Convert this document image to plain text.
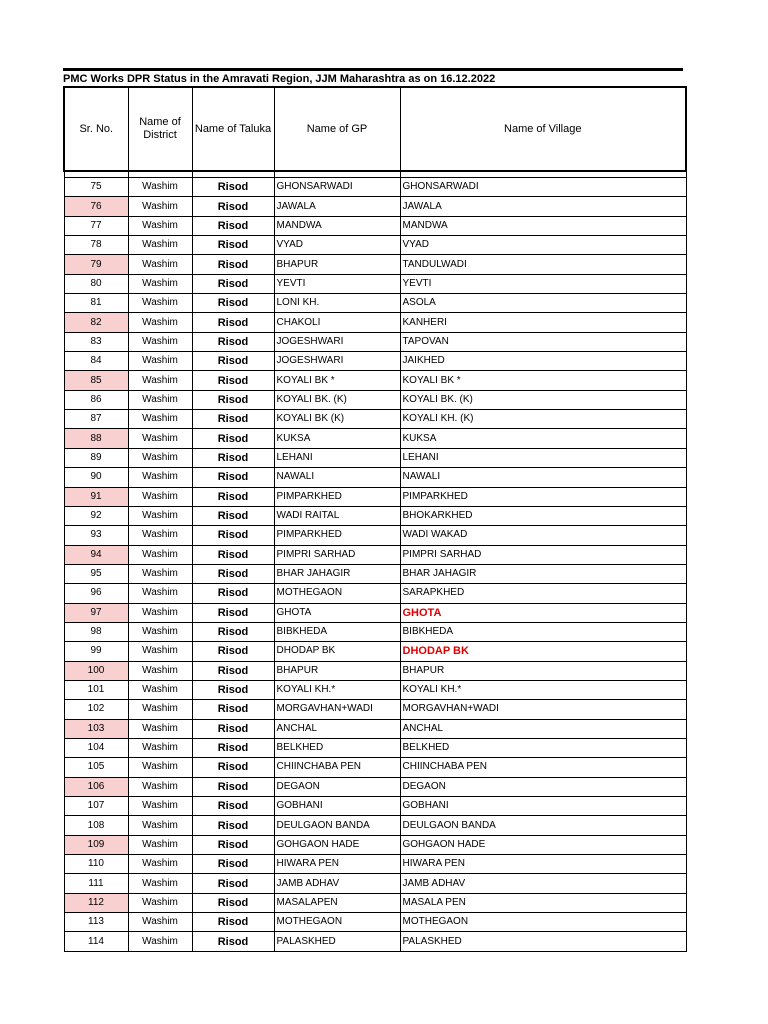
PMC Works DPR Status in the Amravati Region, JJM Maharashtra as on 16.12.2022
Sr. No.	Name of District	Name of Taluka	Name of GP	Name of Village

75	Washim	Risod	GHONSARWADI	GHONSARWADI
76	Washim	Risod	JAWALA	JAWALA
77	Washim	Risod	MANDWA	MANDWA
78	Washim	Risod	VYAD	VYAD
79	Washim	Risod	BHAPUR	TANDULWADI
80	Washim	Risod	YEVTI	YEVTI
81	Washim	Risod	LONI KH.	ASOLA
82	Washim	Risod	CHAKOLI	KANHERI
83	Washim	Risod	JOGESHWARI	TAPOVAN
84	Washim	Risod	JOGESHWARI	JAIKHED
85	Washim	Risod	KOYALI BK *	KOYALI BK *
86	Washim	Risod	KOYALI BK. (K)	KOYALI BK. (K)
87	Washim	Risod	KOYALI BK (K)	KOYALI KH. (K)
88	Washim	Risod	KUKSA	KUKSA
89	Washim	Risod	LEHANI	LEHANI
90	Washim	Risod	NAWALI	NAWALI
91	Washim	Risod	PIMPARKHED	PIMPARKHED
92	Washim	Risod	WADI RAITAL	BHOKARKHED
93	Washim	Risod	PIMPARKHED	WADI WAKAD
94	Washim	Risod	PIMPRI SARHAD	PIMPRI SARHAD
95	Washim	Risod	BHAR JAHAGIR	BHAR JAHAGIR
96	Washim	Risod	MOTHEGAON	SARAPKHED
97	Washim	Risod	GHOTA	GHOTA
98	Washim	Risod	BIBKHEDA	BIBKHEDA
99	Washim	Risod	DHODAP BK	DHODAP BK
100	Washim	Risod	BHAPUR	BHAPUR
101	Washim	Risod	KOYALI KH.*	KOYALI KH.*
102	Washim	Risod	MORGAVHAN+WADI	MORGAVHAN+WADI
103	Washim	Risod	ANCHAL	ANCHAL
104	Washim	Risod	BELKHED	BELKHED
105	Washim	Risod	CHIINCHABA PEN	CHIINCHABA PEN
106	Washim	Risod	DEGAON	DEGAON
107	Washim	Risod	GOBHANI	GOBHANI
108	Washim	Risod	DEULGAON BANDA	DEULGAON BANDA
109	Washim	Risod	GOHGAON HADE	GOHGAON HADE
110	Washim	Risod	HIWARA PEN	HIWARA PEN
111	Washim	Risod	JAMB ADHAV	JAMB ADHAV
112	Washim	Risod	MASALAPEN	MASALA PEN
113	Washim	Risod	MOTHEGAON	MOTHEGAON
114	Washim	Risod	PALASKHED	PALASKHED
